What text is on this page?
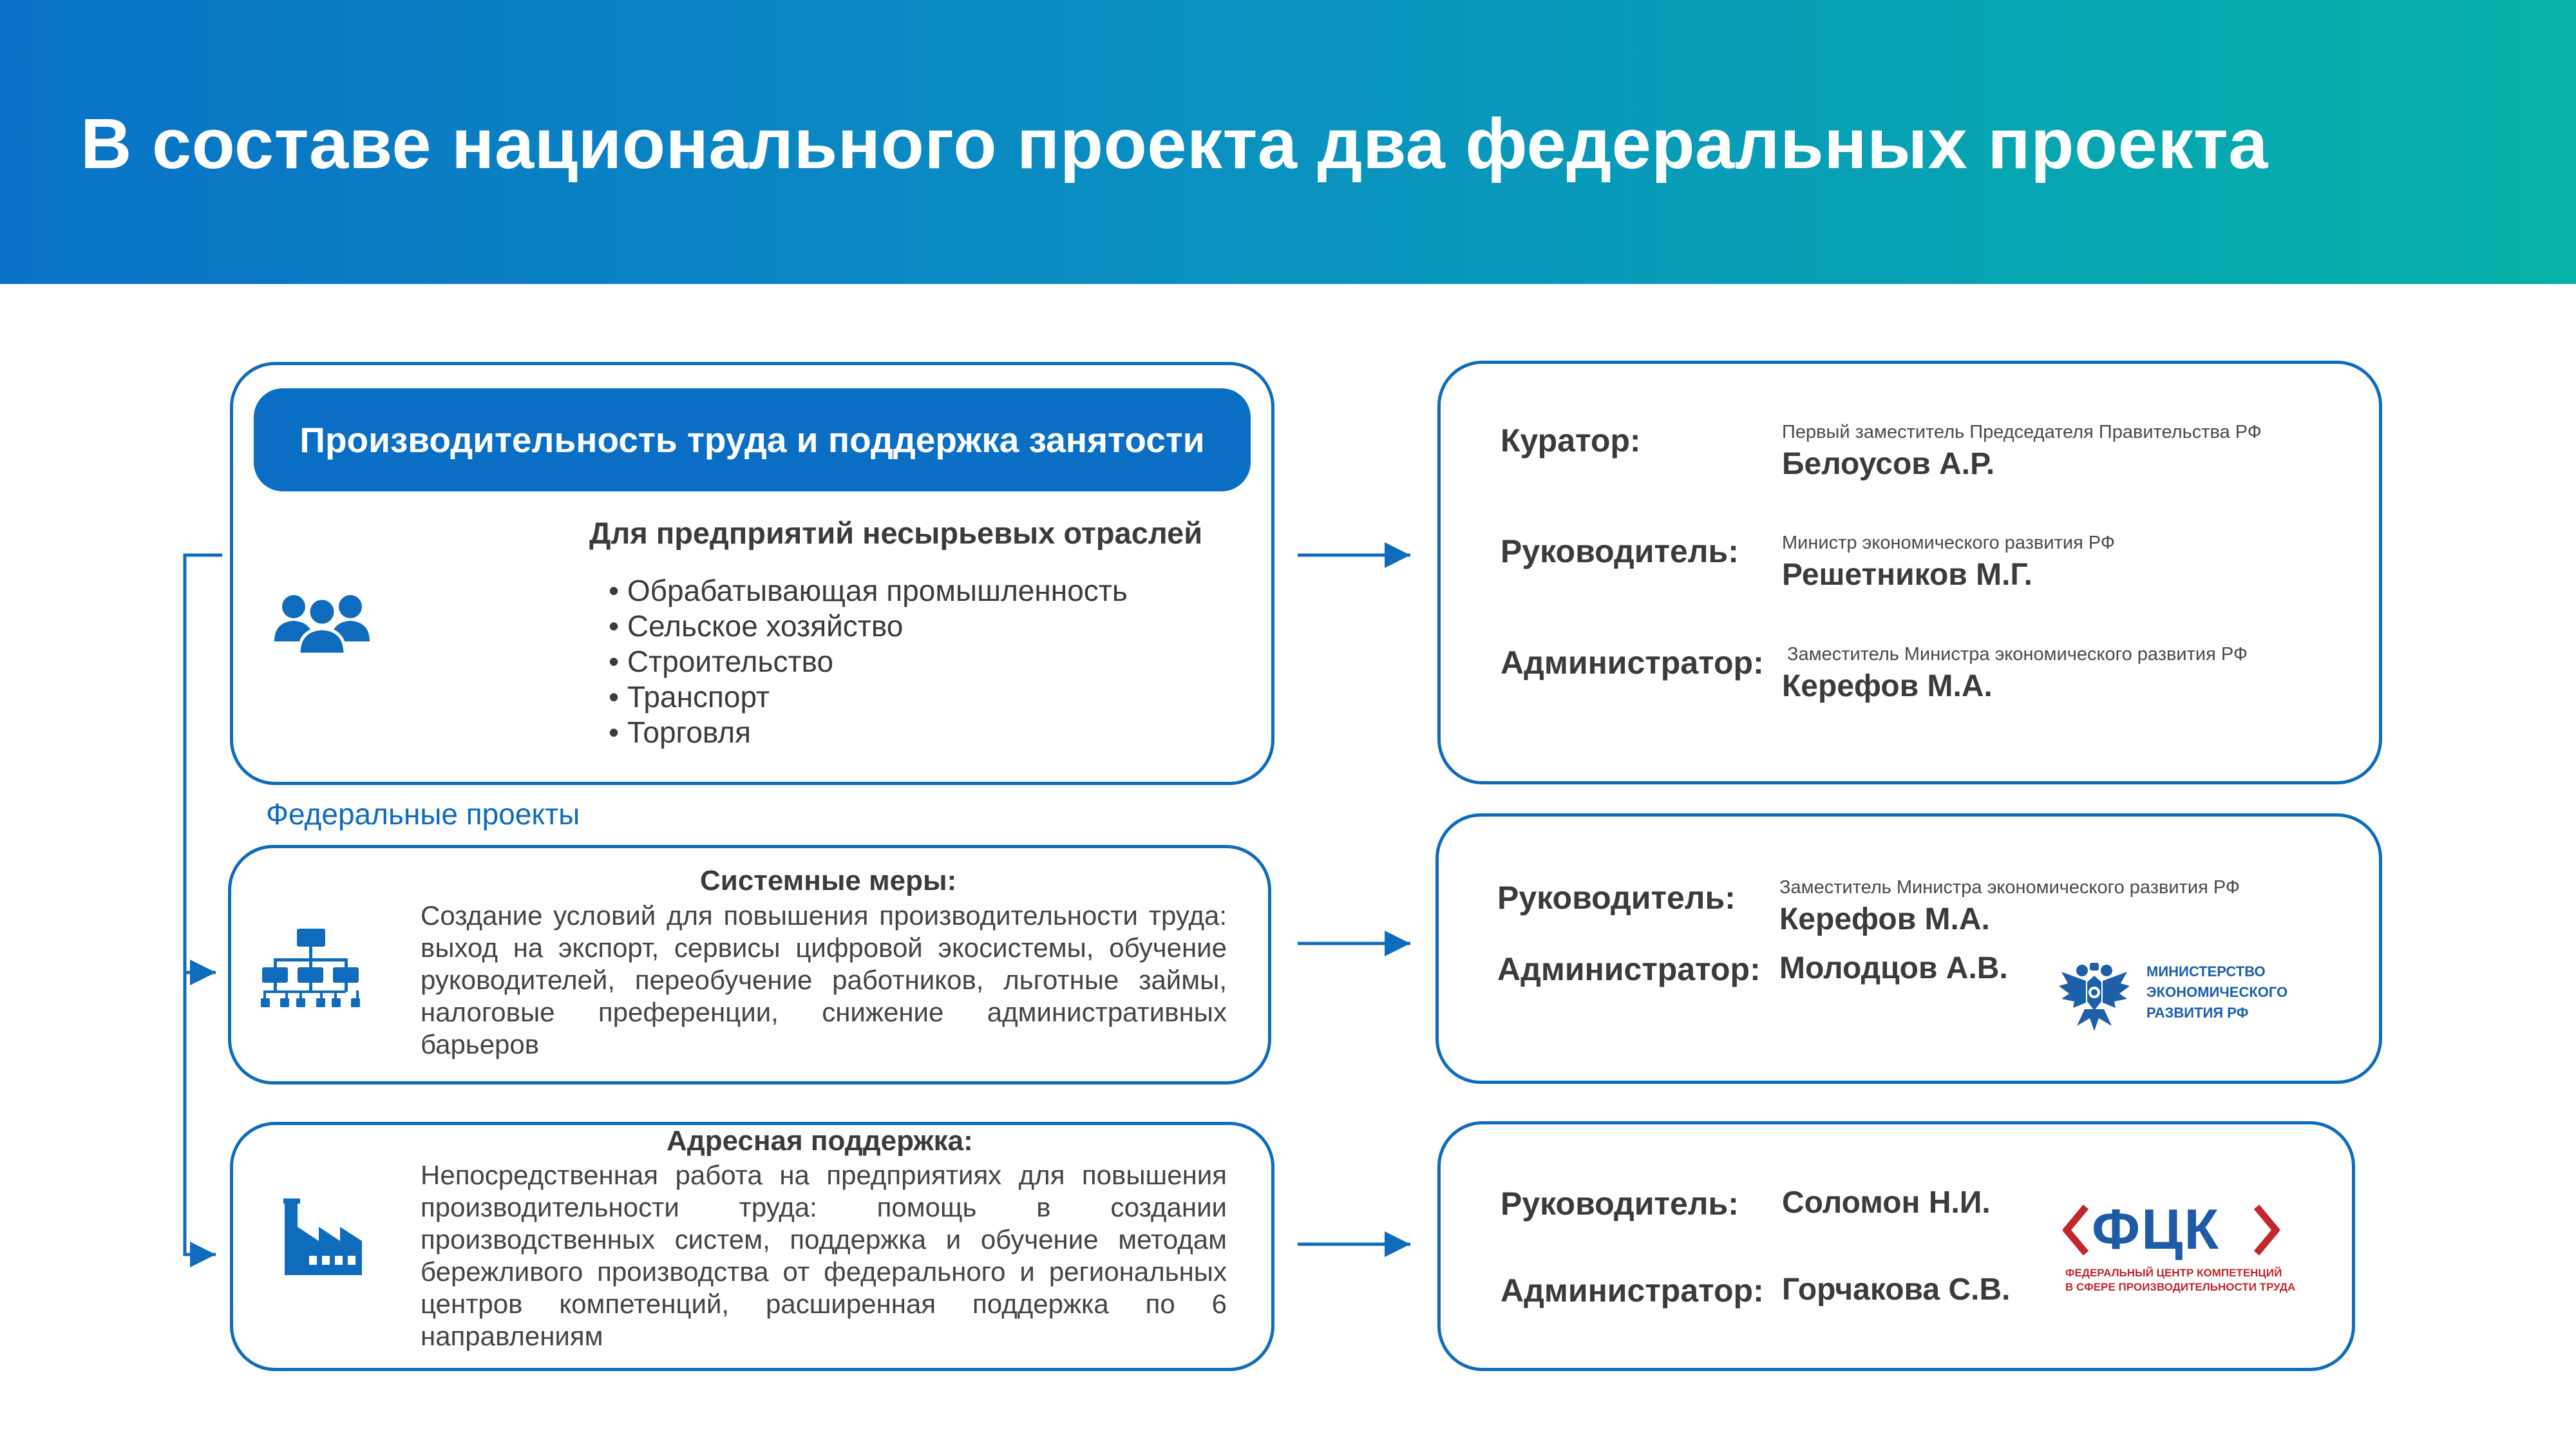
В составе национального проекта два федеральных проекта
Производительность труда и поддержка занятости
Для предприятий несырьевых отраслей
• Обрабатывающая промышленность
• Сельское хозяйство
• Строительство
• Транспорт
• Торговля
Федеральные проекты
Системные меры:
Создание условий для повышения производительности труда: выход на экспорт, сервисы цифровой экосистемы, обучение руководителей, переобучение работников, льготные займы, налоговые преференции, снижение административных барьеров
Адресная поддержка:
Непосредственная работа на предприятиях для повышения производительности труда: помощь в создании производственных систем, поддержка и обучение методам бережливого производства от федерального и региональных центров компетенций, расширенная поддержка по 6 направлениям
Куратор:	Первый заместитель Председателя Правительства РФ
Белоусов А.Р.
Руководитель: Министр экономического развития РФ
Решетников М.Г.
Администратор: Заместитель Министра экономического развития РФ
Керефов М.А.
Руководитель: Заместитель Министра экономического развития РФ
Керефов М.А.
Администратор: Молодцов А.В.	МИНИСТЕРСТВО
ЭКОНОМИЧЕСКОГО
РАЗВИТИЯ РФ
Руководитель: Соломон Н.И.
Администратор: Горчакова С.В.
ФЦК
ФЕДЕРАЛЬНЫЙ ЦЕНТР КОМПЕТЕНЦИЙ
В СФЕРЕ ПРОИЗВОДИТЕЛЬНОСТИ ТРУДА
